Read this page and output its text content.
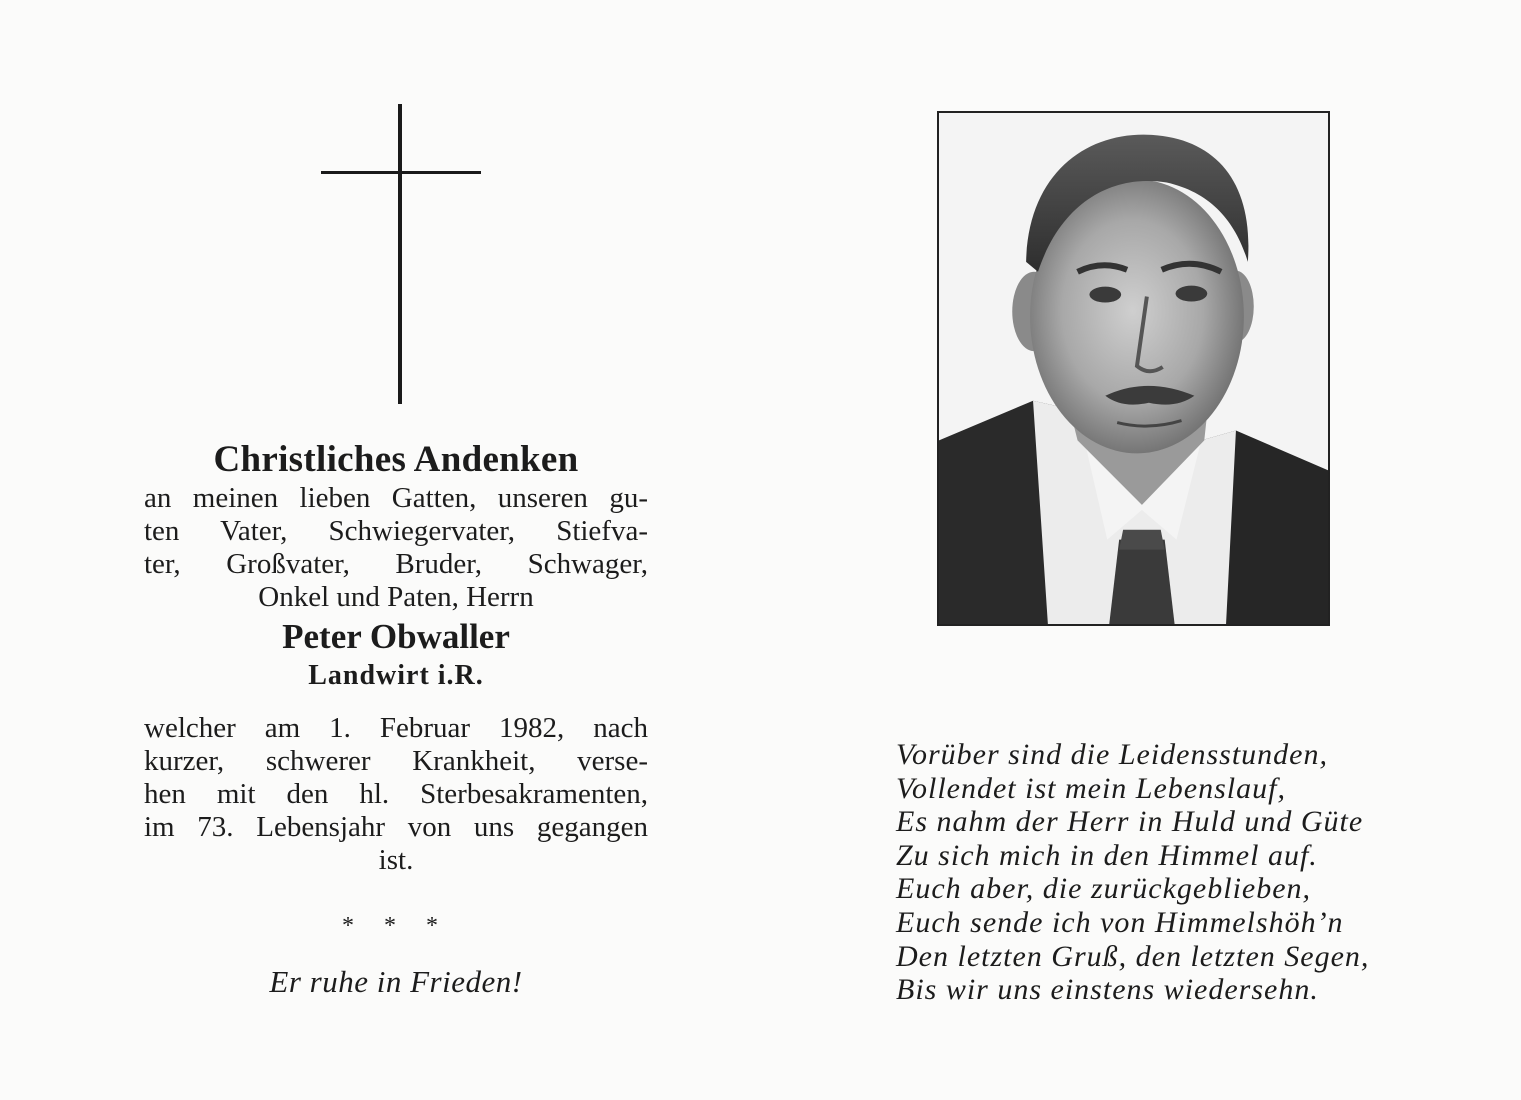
Christliches Andenken
an meinen lieben Gatten, unseren gu-
ten Vater, Schwiegervater, Stiefva-
ter, Großvater, Bruder, Schwager,
Onkel und Paten, Herrn
Peter Obwaller
Landwirt i.R.
welcher am 1. Februar 1982, nach
kurzer, schwerer Krankheit, verse-
hen mit den hl. Sterbesakramenten,
im 73. Lebensjahr von uns gegangen
ist.
* * *
Er ruhe in Frieden!
Vorüber sind die Leidensstunden,
Vollendet ist mein Lebenslauf,
Es nahm der Herr in Huld und Güte
Zu sich mich in den Himmel auf.
Euch aber, die zurückgeblieben,
Euch sende ich von Himmelshöh’n
Den letzten Gruß, den letzten Segen,
Bis wir uns einstens wiedersehn.
